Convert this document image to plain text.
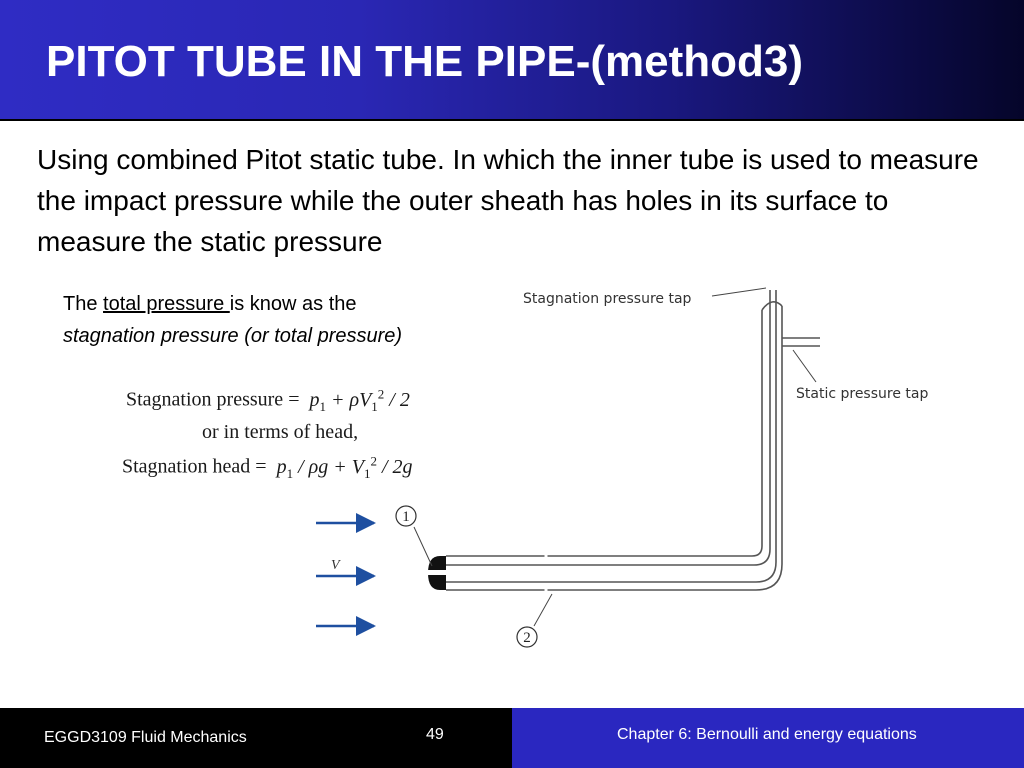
PITOT TUBE IN THE PIPE-(method3)

Using combined Pitot static tube. In which the inner tube is used to measure the impact pressure while the outer sheath has holes in its surface to measure the static pressure

The total pressure is know as the
stagnation pressure (or total pressure)
Stagnation pressure =  $p_1 + \rho V_1^2 / 2$
or in terms of head,
Stagnation head =  $p_1 / \rho g + V_1^2 / 2g$
V
Stagnation pressure tap
Static pressure tap
1
2
EGGD3109 Fluid Mechanics	49	Chapter 6: Bernoulli and energy equations
